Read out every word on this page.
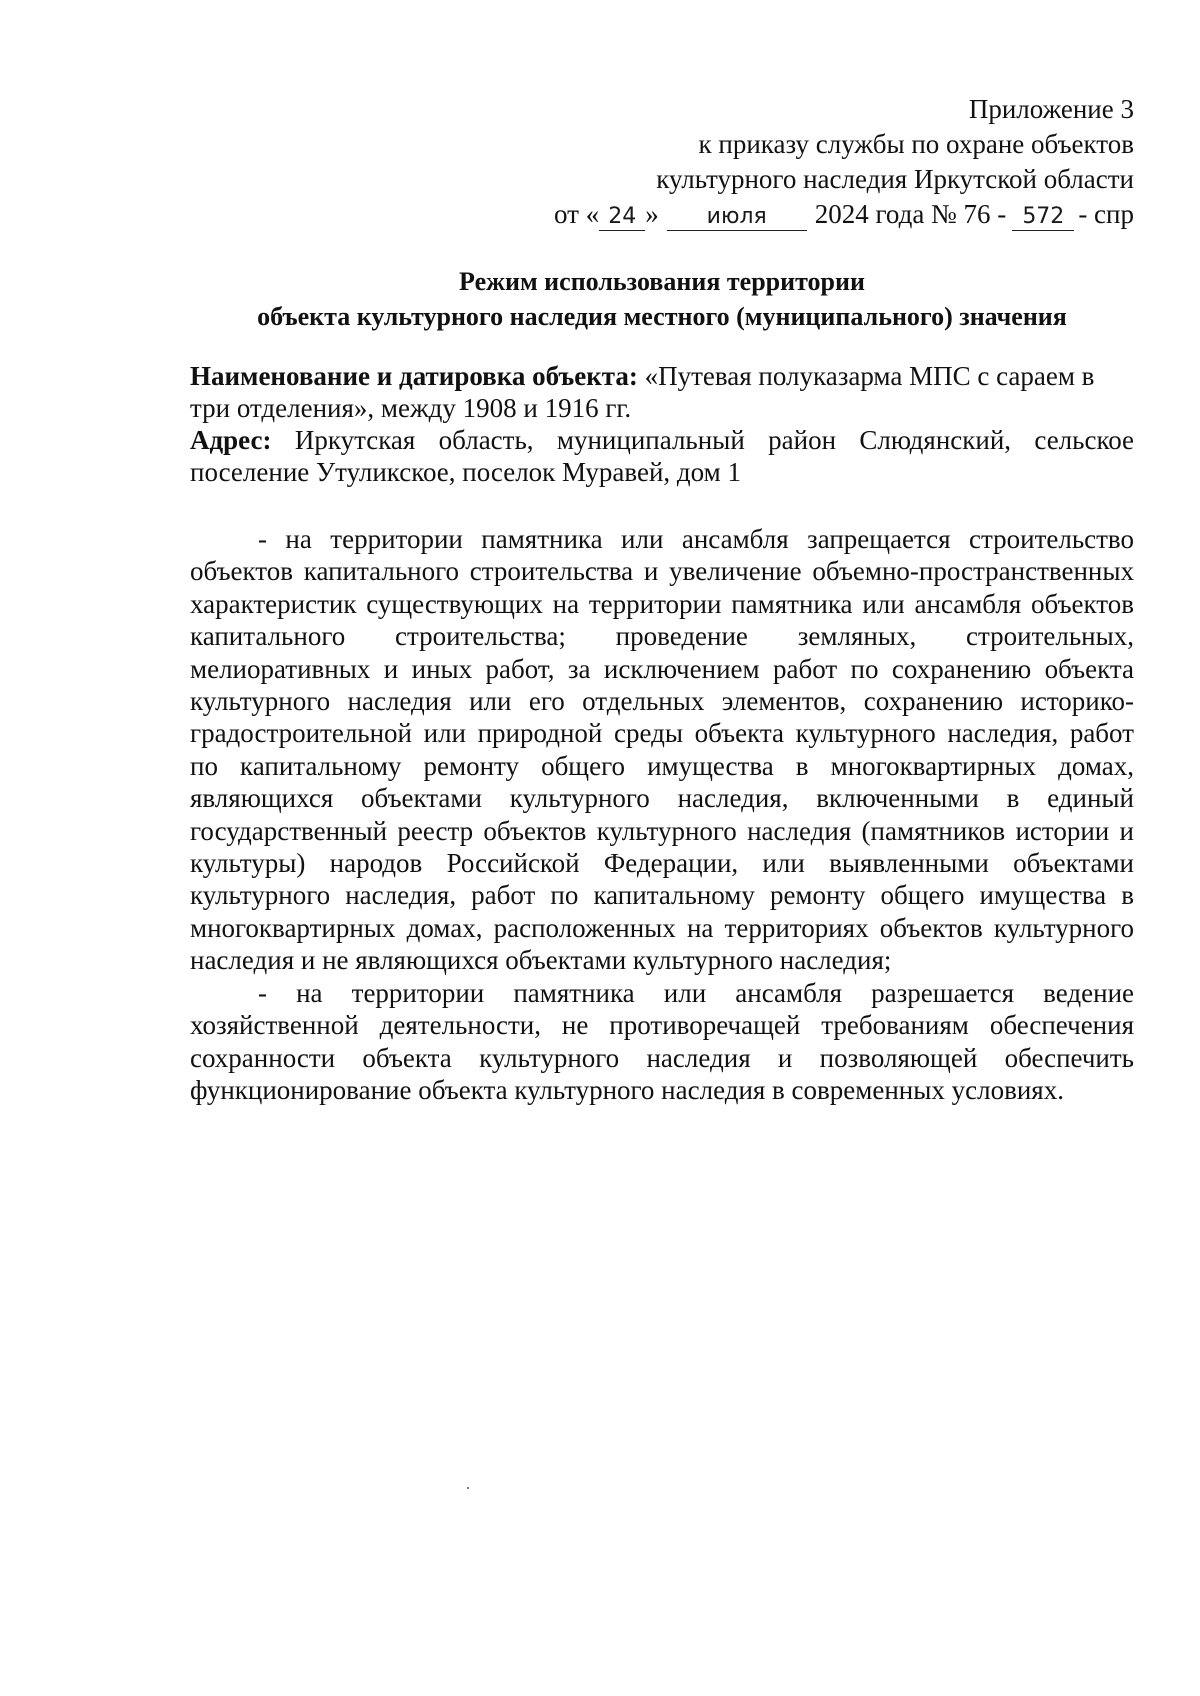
Приложение 3
к приказу службы по охране объектов
культурного наследия Иркутской области
от « 24 » июля 2024 года № 76 - 572 - спр
Режим использования территории
объекта культурного наследия местного (муниципального) значения

Наименование и датировка объекта: «Путевая полуказарма МПС с сараем в три отделения», между 1908 и 1916 гг.

Адрес: Иркутская область, муниципальный район Слюдянский, сельское поселение Утуликское, поселок Муравей, дом 1

- на территории памятника или ансамбля запрещается строительство объектов капитального строительства и увеличение объемно-пространственных характеристик существующих на территории памятника или ансамбля объектов капитального строительства; проведение земляных, строительных, мелиоративных и иных работ, за исключением работ по сохранению объекта культурного наследия или его отдельных элементов, сохранению историко-градостроительной или природной среды объекта культурного наследия, работ по капитальному ремонту общего имущества в многоквартирных домах, являющихся объектами культурного наследия, включенными в единый государственный реестр объектов культурного наследия (памятников истории и культуры) народов Российской Федерации, или выявленными объектами культурного наследия, работ по капитальному ремонту общего имущества в многоквартирных домах, расположенных на территориях объектов культурного наследия и не являющихся объектами культурного наследия;

- на территории памятника или ансамбля разрешается ведение хозяйственной деятельности, не противоречащей требованиям обеспечения сохранности объекта культурного наследия и позволяющей обеспечить функционирование объекта культурного наследия в современных условиях.
